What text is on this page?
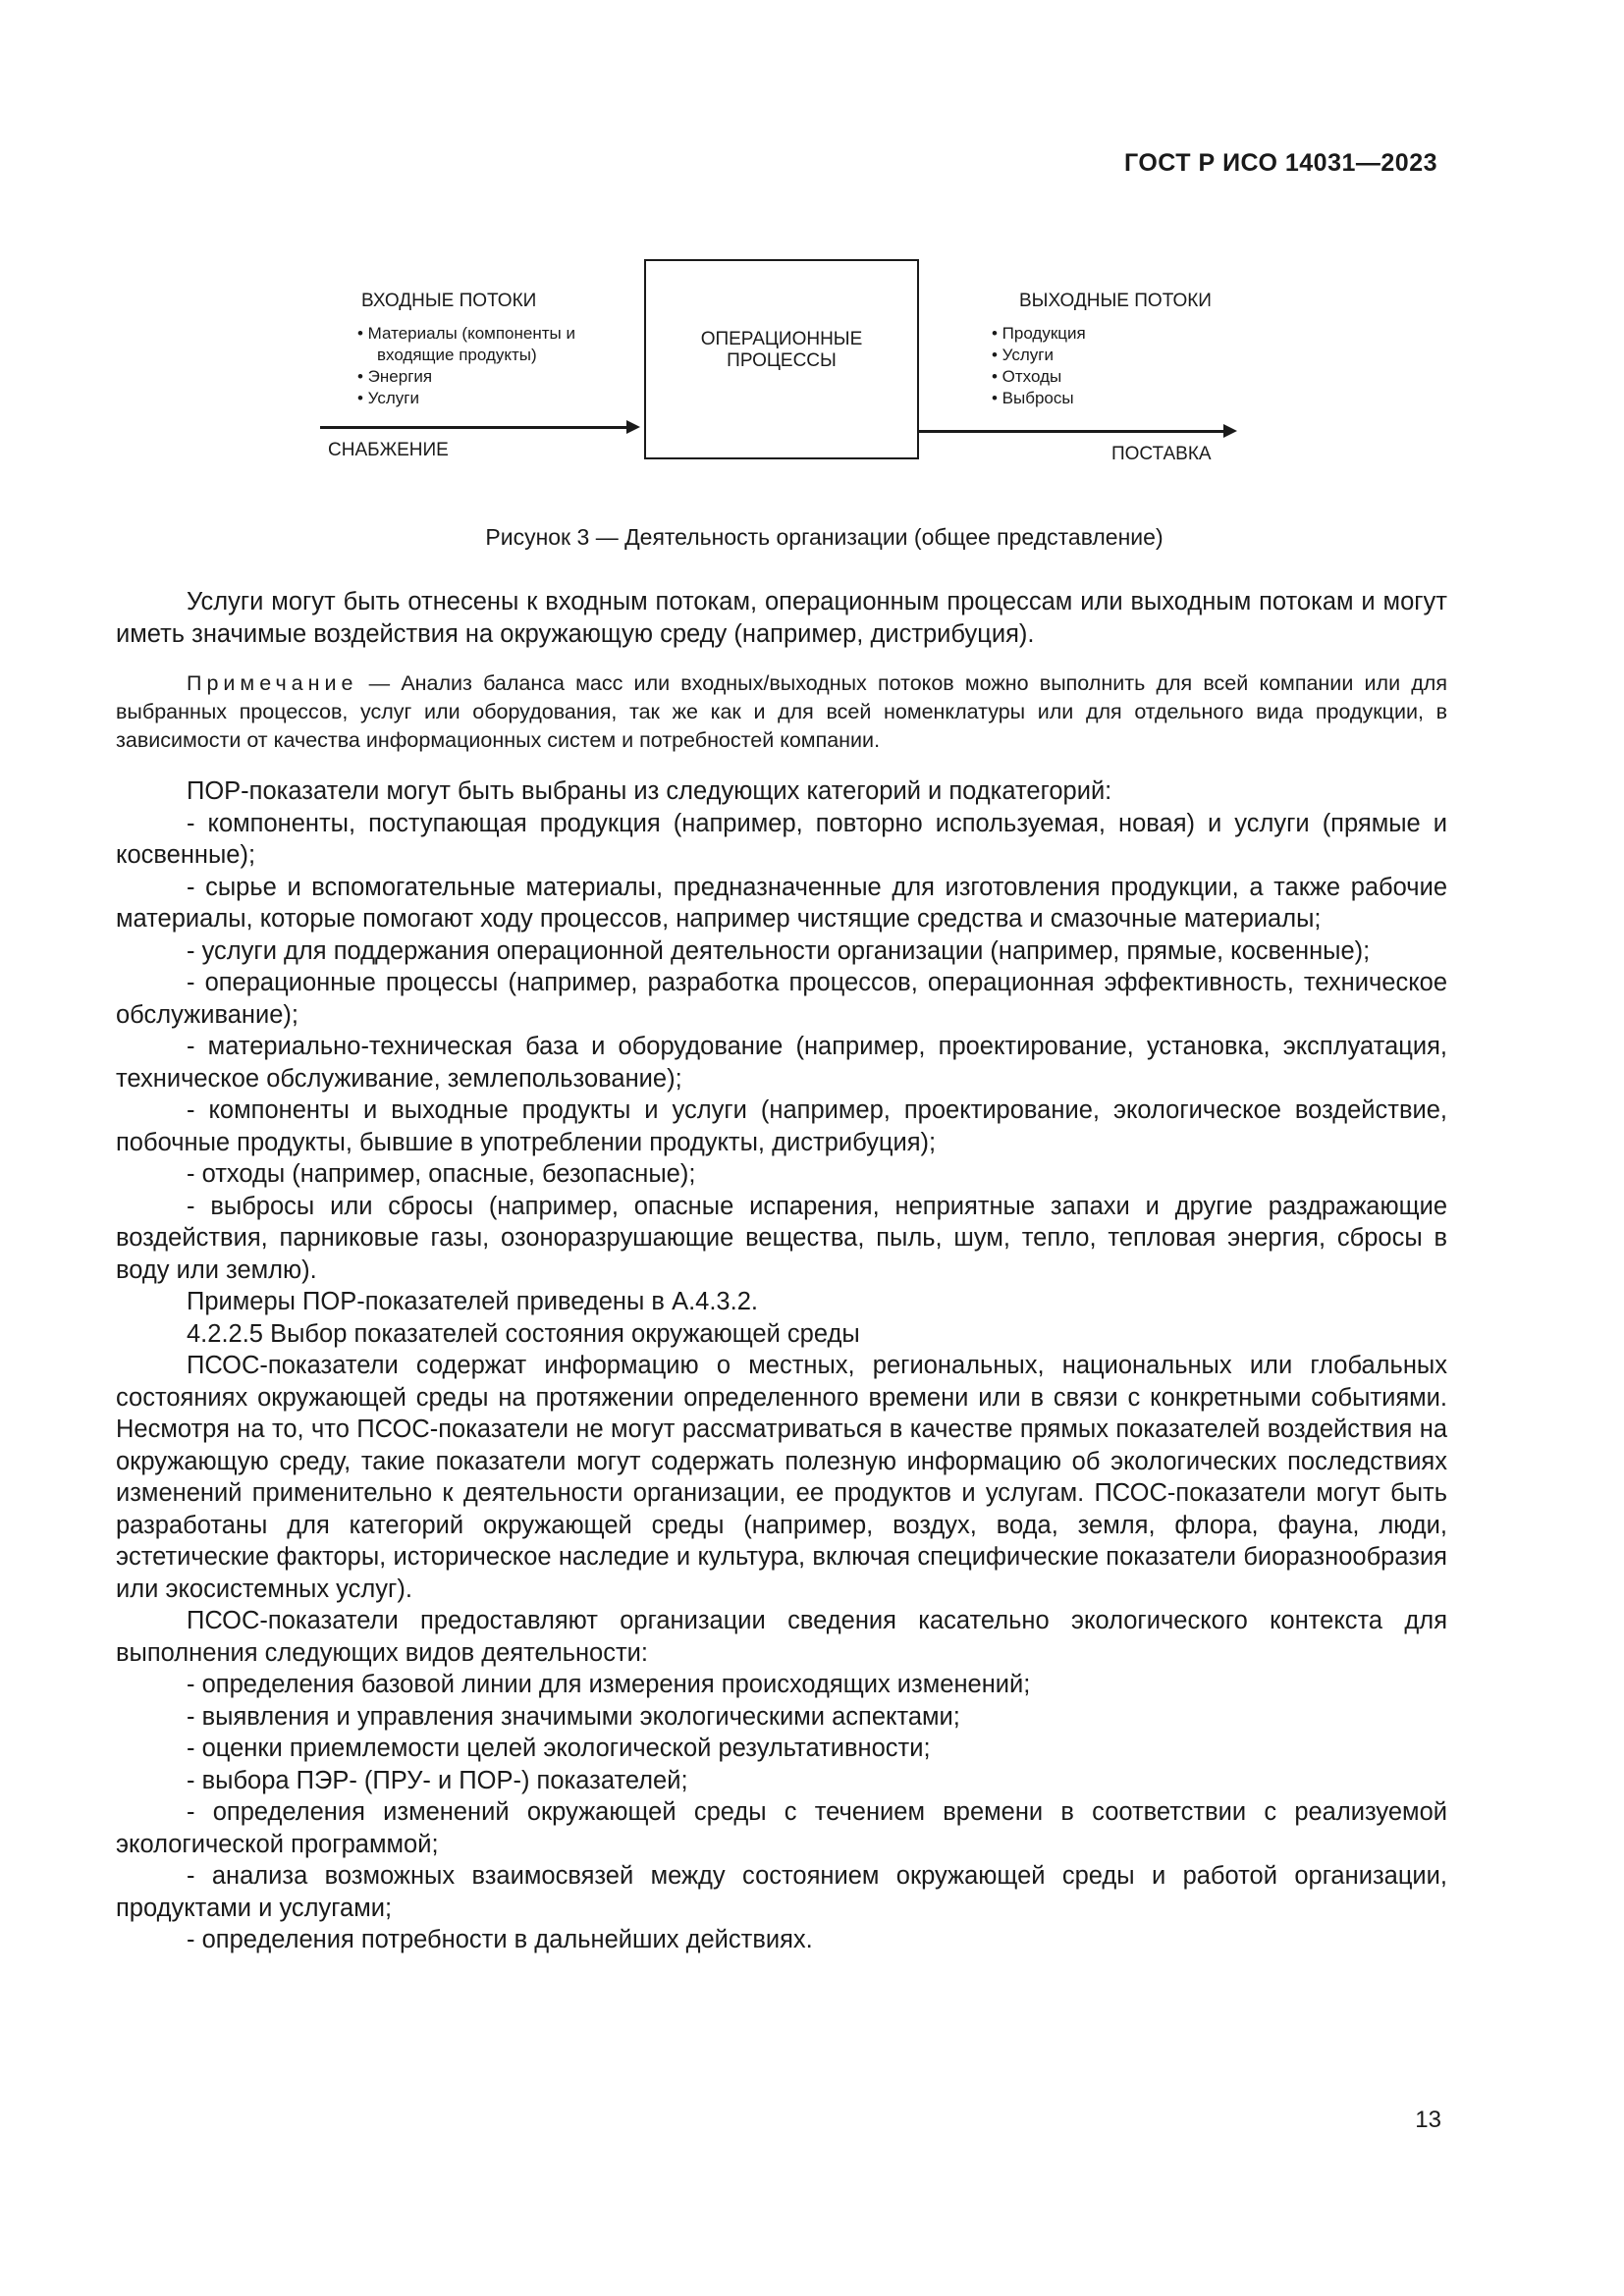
ГОСТ Р ИСО 14031—2023
ВХОДНЫЕ ПОТОКИ
• Материалы (компоненты и
входящие продукты)
• Энергия
• Услуги
ОПЕРАЦИОННЫЕ
ПРОЦЕССЫ
ВЫХОДНЫЕ ПОТОКИ
• Продукция
• Услуги
• Отходы
• Выбросы
СНАБЖЕНИЕ	ПОСТАВКА
Рисунок 3 — Деятельность организации (общее представление)

Услуги могут быть отнесены к входным потокам, операционным процессам или выходным потокам и могут иметь значимые воздействия на окружающую среду (например, дистрибуция).

Примечание — Анализ баланса масс или входных/выходных потоков можно выполнить для всей компании или для выбранных процессов, услуг или оборудования, так же как и для всей номенклатуры или для отдельного вида продукции, в зависимости от качества информационных систем и потребностей компании.

ПОР-показатели могут быть выбраны из следующих категорий и подкатегорий:

- компоненты, поступающая продукция (например, повторно используемая, новая) и услуги (прямые и косвенные);

- сырье и вспомогательные материалы, предназначенные для изготовления продукции, а также рабочие материалы, которые помогают ходу процессов, например чистящие средства и смазочные материалы;

- услуги для поддержания операционной деятельности организации (например, прямые, косвенные);

- операционные процессы (например, разработка процессов, операционная эффективность, техническое обслуживание);

- материально-техническая база и оборудование (например, проектирование, установка, эксплуатация, техническое обслуживание, землепользование);

- компоненты и выходные продукты и услуги (например, проектирование, экологическое воздействие, побочные продукты, бывшие в употреблении продукты, дистрибуция);

- отходы (например, опасные, безопасные);

- выбросы или сбросы (например, опасные испарения, неприятные запахи и другие раздражающие воздействия, парниковые газы, озоноразрушающие вещества, пыль, шум, тепло, тепловая энергия, сбросы в воду или землю).

Примеры ПОР-показателей приведены в А.4.3.2.

4.2.2.5 Выбор показателей состояния окружающей среды

ПСОС-показатели содержат информацию о местных, региональных, национальных или глобальных состояниях окружающей среды на протяжении определенного времени или в связи с конкретными событиями. Несмотря на то, что ПСОС-показатели не могут рассматриваться в качестве прямых показателей воздействия на окружающую среду, такие показатели могут содержать полезную информацию об экологических последствиях изменений применительно к деятельности организации, ее продуктов и услугам. ПСОС-показатели могут быть разработаны для категорий окружающей среды (например, воздух, вода, земля, флора, фауна, люди, эстетические факторы, историческое наследие и культура, включая специфические показатели биоразнообразия или экосистемных услуг).

ПСОС-показатели предоставляют организации сведения касательно экологического контекста для выполнения следующих видов деятельности:

- определения базовой линии для измерения происходящих изменений;

- выявления и управления значимыми экологическими аспектами;

- оценки приемлемости целей экологической результативности;

- выбора ПЭР- (ПРУ- и ПОР-) показателей;

- определения изменений окружающей среды с течением времени в соответствии с реализуемой экологической программой;

- анализа возможных взаимосвязей между состоянием окружающей среды и работой организации, продуктами и услугами;

- определения потребности в дальнейших действиях.

13
